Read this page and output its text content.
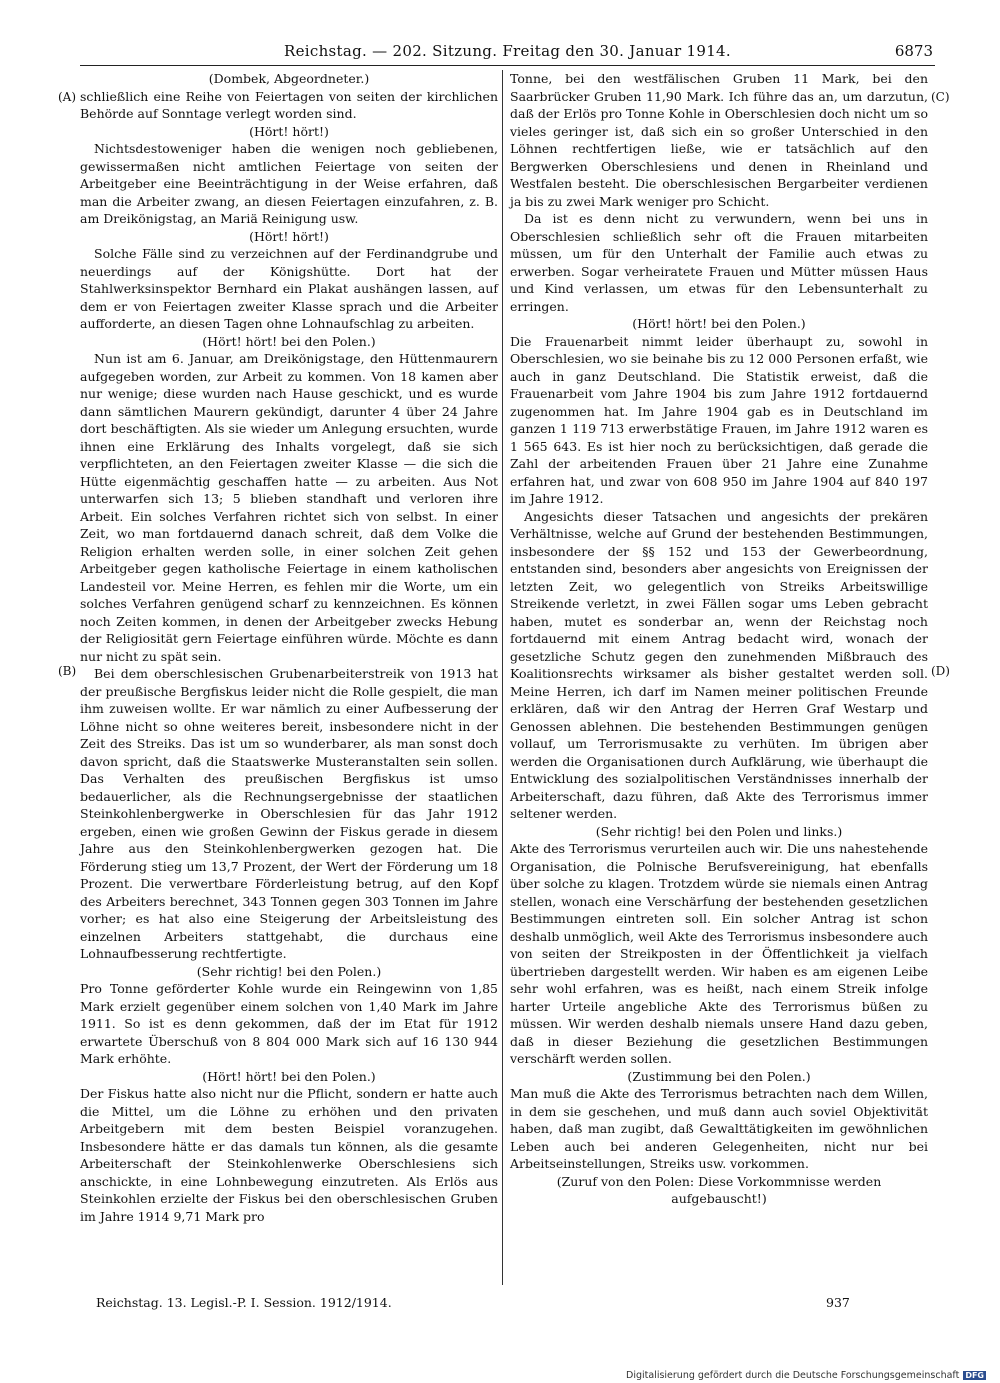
Reichstag. — 202. Sitzung. Freitag den 30. Januar 1914.	6873
(A)
(B)
(C)
(D)

(Dombek, Abgeordneter.)

schließlich eine Reihe von Feiertagen von seiten der kirchlichen Behörde auf Sonntage verlegt worden sind.

(Hört! hört!)

Nichtsdestoweniger haben die wenigen noch gebliebenen, gewissermaßen nicht amtlichen Feiertage von seiten der Arbeitgeber eine Beeinträchtigung in der Weise erfahren, daß man die Arbeiter zwang, an diesen Feiertagen einzufahren, z. B. am Dreikönigstag, an Mariä Reinigung usw.

(Hört! hört!)

Solche Fälle sind zu verzeichnen auf der Ferdinandgrube und neuerdings auf der Königshütte. Dort hat der Stahlwerksinspektor Bernhard ein Plakat aushängen lassen, auf dem er von Feiertagen zweiter Klasse sprach und die Arbeiter aufforderte, an diesen Tagen ohne Lohnaufschlag zu arbeiten.

(Hört! hört! bei den Polen.)

Nun ist am 6. Januar, am Dreikönigstage, den Hüttenmaurern aufgegeben worden, zur Arbeit zu kommen. Von 18 kamen aber nur wenige; diese wurden nach Hause geschickt, und es wurde dann sämtlichen Maurern gekündigt, darunter 4 über 24 Jahre dort beschäftigten. Als sie wieder um Anlegung ersuchten, wurde ihnen eine Erklärung des Inhalts vorgelegt, daß sie sich verpflichteten, an den Feiertagen zweiter Klasse — die sich die Hütte eigenmächtig geschaffen hatte — zu arbeiten. Aus Not unterwarfen sich 13; 5 blieben standhaft und verloren ihre Arbeit. Ein solches Verfahren richtet sich von selbst. In einer Zeit, wo man fortdauernd danach schreit, daß dem Volke die Religion erhalten werden solle, in einer solchen Zeit gehen Arbeitgeber gegen katholische Feiertage in einem katholischen Landesteil vor. Meine Herren, es fehlen mir die Worte, um ein solches Verfahren genügend scharf zu kennzeichnen. Es können noch Zeiten kommen, in denen der Arbeitgeber zwecks Hebung der Religiosität gern Feiertage einführen würde. Möchte es dann nur nicht zu spät sein.

Bei dem oberschlesischen Grubenarbeiterstreik von 1913 hat der preußische Bergfiskus leider nicht die Rolle gespielt, die man ihm zuweisen wollte. Er war nämlich zu einer Aufbesserung der Löhne nicht so ohne weiteres bereit, insbesondere nicht in der Zeit des Streiks. Das ist um so wunderbarer, als man sonst doch davon spricht, daß die Staatswerke Musteranstalten sein sollen. Das Verhalten des preußischen Bergfiskus ist umso bedauerlicher, als die Rechnungsergebnisse der staatlichen Steinkohlenbergwerke in Oberschlesien für das Jahr 1912 ergeben, einen wie großen Gewinn der Fiskus gerade in diesem Jahre aus den Steinkohlenbergwerken gezogen hat. Die Förderung stieg um 13,7 Prozent, der Wert der Förderung um 18 Prozent. Die verwertbare Förderleistung betrug, auf den Kopf des Arbeiters berechnet, 343 Tonnen gegen 303 Tonnen im Jahre vorher; es hat also eine Steigerung der Arbeitsleistung des einzelnen Arbeiters stattgehabt, die durchaus eine Lohnaufbesserung rechtfertigte.

(Sehr richtig! bei den Polen.)

Pro Tonne geförderter Kohle wurde ein Reingewinn von 1,85 Mark erzielt gegenüber einem solchen von 1,40 Mark im Jahre 1911. So ist es denn gekommen, daß der im Etat für 1912 erwartete Überschuß von 8 804 000 Mark sich auf 16 130 944 Mark erhöhte.

(Hört! hört! bei den Polen.)

Der Fiskus hatte also nicht nur die Pflicht, sondern er hatte auch die Mittel, um die Löhne zu erhöhen und den privaten Arbeitgebern mit dem besten Beispiel voranzugehen. Insbesondere hätte er das damals tun können, als die gesamte Arbeiterschaft der Steinkohlenwerke Oberschlesiens sich anschickte, in eine Lohnbewegung einzutreten. Als Erlös aus Steinkohlen erzielte der Fiskus bei den oberschlesischen Gruben im Jahre 1914 9,71 Mark pro

Tonne, bei den westfälischen Gruben 11 Mark, bei den Saarbrücker Gruben 11,90 Mark. Ich führe das an, um darzutun, daß der Erlös pro Tonne Kohle in Oberschlesien doch nicht um so vieles geringer ist, daß sich ein so großer Unterschied in den Löhnen rechtfertigen ließe, wie er tatsächlich auf den Bergwerken Oberschlesiens und denen in Rheinland und Westfalen besteht. Die oberschlesischen Bergarbeiter verdienen ja bis zu zwei Mark weniger pro Schicht.

Da ist es denn nicht zu verwundern, wenn bei uns in Oberschlesien schließlich sehr oft die Frauen mitarbeiten müssen, um für den Unterhalt der Familie auch etwas zu erwerben. Sogar verheiratete Frauen und Mütter müssen Haus und Kind verlassen, um etwas für den Lebensunterhalt zu erringen.

(Hört! hört! bei den Polen.)

Die Frauenarbeit nimmt leider überhaupt zu, sowohl in Oberschlesien, wo sie beinahe bis zu 12 000 Personen erfaßt, wie auch in ganz Deutschland. Die Statistik erweist, daß die Frauenarbeit vom Jahre 1904 bis zum Jahre 1912 fortdauernd zugenommen hat. Im Jahre 1904 gab es in Deutschland im ganzen 1 119 713 erwerbstätige Frauen, im Jahre 1912 waren es 1 565 643. Es ist hier noch zu berücksichtigen, daß gerade die Zahl der arbeitenden Frauen über 21 Jahre eine Zunahme erfahren hat, und zwar von 608 950 im Jahre 1904 auf 840 197 im Jahre 1912.

Angesichts dieser Tatsachen und angesichts der prekären Verhältnisse, welche auf Grund der bestehenden Bestimmungen, insbesondere der §§ 152 und 153 der Gewerbeordnung, entstanden sind, besonders aber angesichts von Ereignissen der letzten Zeit, wo gelegentlich von Streiks Arbeitswillige Streikende verletzt, in zwei Fällen sogar ums Leben gebracht haben, mutet es sonderbar an, wenn der Reichstag noch fortdauernd mit einem Antrag bedacht wird, wonach der gesetzliche Schutz gegen den zunehmenden Mißbrauch des Koalitionsrechts wirksamer als bisher gestaltet werden soll. Meine Herren, ich darf im Namen meiner politischen Freunde erklären, daß wir den Antrag der Herren Graf Westarp und Genossen ablehnen. Die bestehenden Bestimmungen genügen vollauf, um Terrorismusakte zu verhüten. Im übrigen aber werden die Organisationen durch Aufklärung, wie überhaupt die Entwicklung des sozialpolitischen Verständnisses innerhalb der Arbeiterschaft, dazu führen, daß Akte des Terrorismus immer seltener werden.

(Sehr richtig! bei den Polen und links.)

Akte des Terrorismus verurteilen auch wir. Die uns nahestehende Organisation, die Polnische Berufsvereinigung, hat ebenfalls über solche zu klagen. Trotzdem würde sie niemals einen Antrag stellen, wonach eine Verschärfung der bestehenden gesetzlichen Bestimmungen eintreten soll. Ein solcher Antrag ist schon deshalb unmöglich, weil Akte des Terrorismus insbesondere auch von seiten der Streikposten in der Öffentlichkeit ja vielfach übertrieben dargestellt werden. Wir haben es am eigenen Leibe sehr wohl erfahren, was es heißt, nach einem Streik infolge harter Urteile angebliche Akte des Terrorismus büßen zu müssen. Wir werden deshalb niemals unsere Hand dazu geben, daß in dieser Beziehung die gesetzlichen Bestimmungen verschärft werden sollen.

(Zustimmung bei den Polen.)

Man muß die Akte des Terrorismus betrachten nach dem Willen, in dem sie geschehen, und muß dann auch soviel Objektivität haben, daß man zugibt, daß Gewalttätigkeiten im gewöhnlichen Leben auch bei anderen Gelegenheiten, nicht nur bei Arbeitseinstellungen, Streiks usw. vorkommen.

(Zuruf von den Polen: Diese Vorkommnisse werden aufgebauscht!)

Reichstag. 13. Legisl.-P. I. Session. 1912/1914.	937
Digitalisierung gefördert durch die Deutsche Forschungsgemeinschaft DFG
